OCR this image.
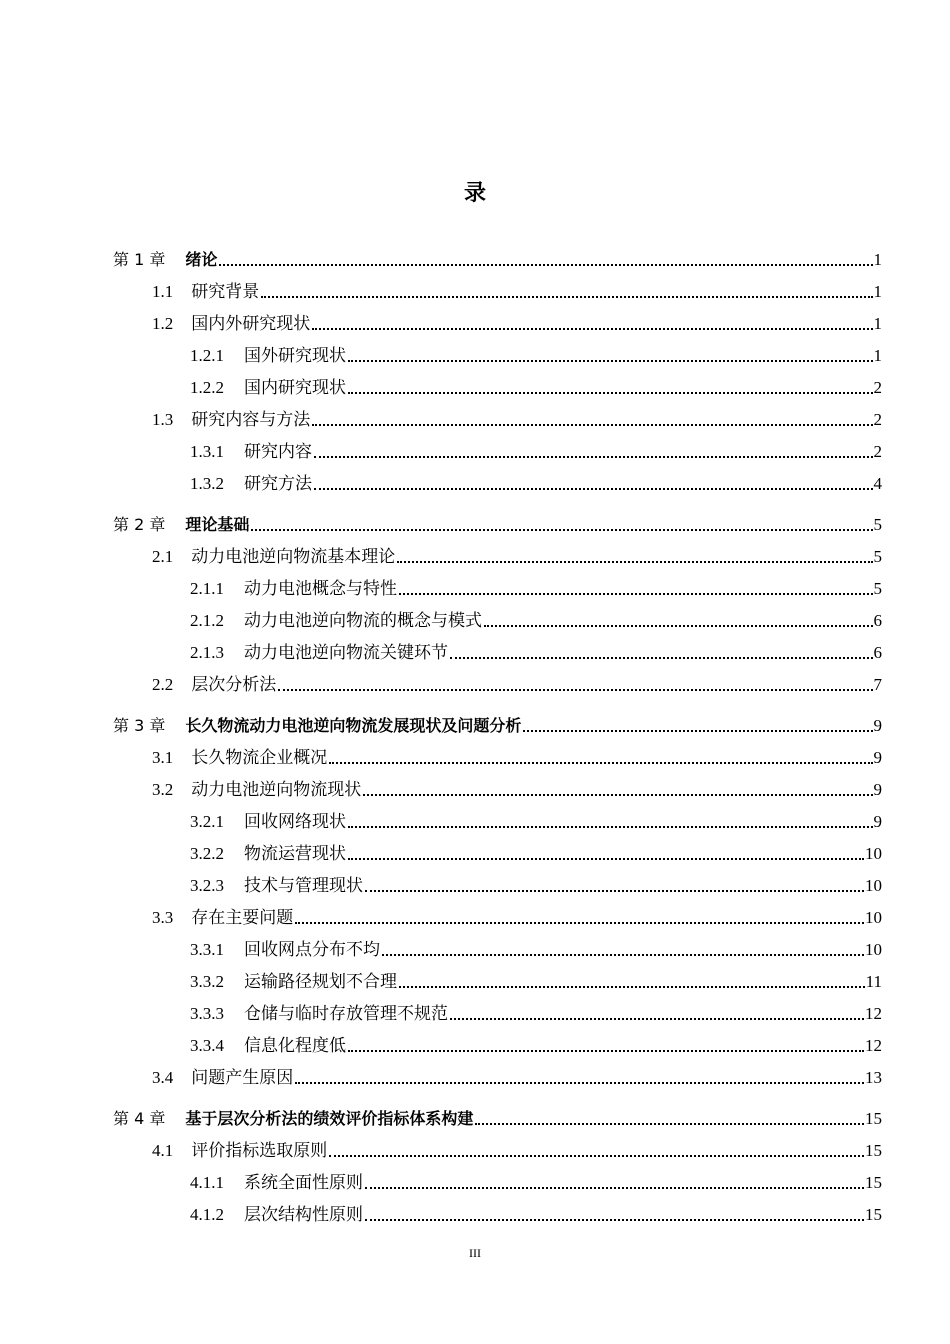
录
第 1 章 绪论	1
1.1 研究背景	1
1.2 国内外研究现状	1
1.2.1 国外研究现状	1
1.2.2 国内研究现状	2
1.3 研究内容与方法	2
1.3.1 研究内容	2
1.3.2 研究方法	4
第 2 章 理论基础	5
2.1 动力电池逆向物流基本理论	5
2.1.1 动力电池概念与特性	5
2.1.2 动力电池逆向物流的概念与模式	6
2.1.3 动力电池逆向物流关键环节	6
2.2 层次分析法	7
第 3 章 长久物流动力电池逆向物流发展现状及问题分析	9
3.1 长久物流企业概况	9
3.2 动力电池逆向物流现状	9
3.2.1 回收网络现状	9
3.2.2 物流运营现状	10
3.2.3 技术与管理现状	10
3.3 存在主要问题	10
3.3.1 回收网点分布不均	10
3.3.2 运输路径规划不合理	11
3.3.3 仓储与临时存放管理不规范	12
3.3.4 信息化程度低	12
3.4 问题产生原因	13
第 4 章 基于层次分析法的绩效评价指标体系构建	15
4.1 评价指标选取原则	15
4.1.1 系统全面性原则	15
4.1.2 层次结构性原则	15
III
